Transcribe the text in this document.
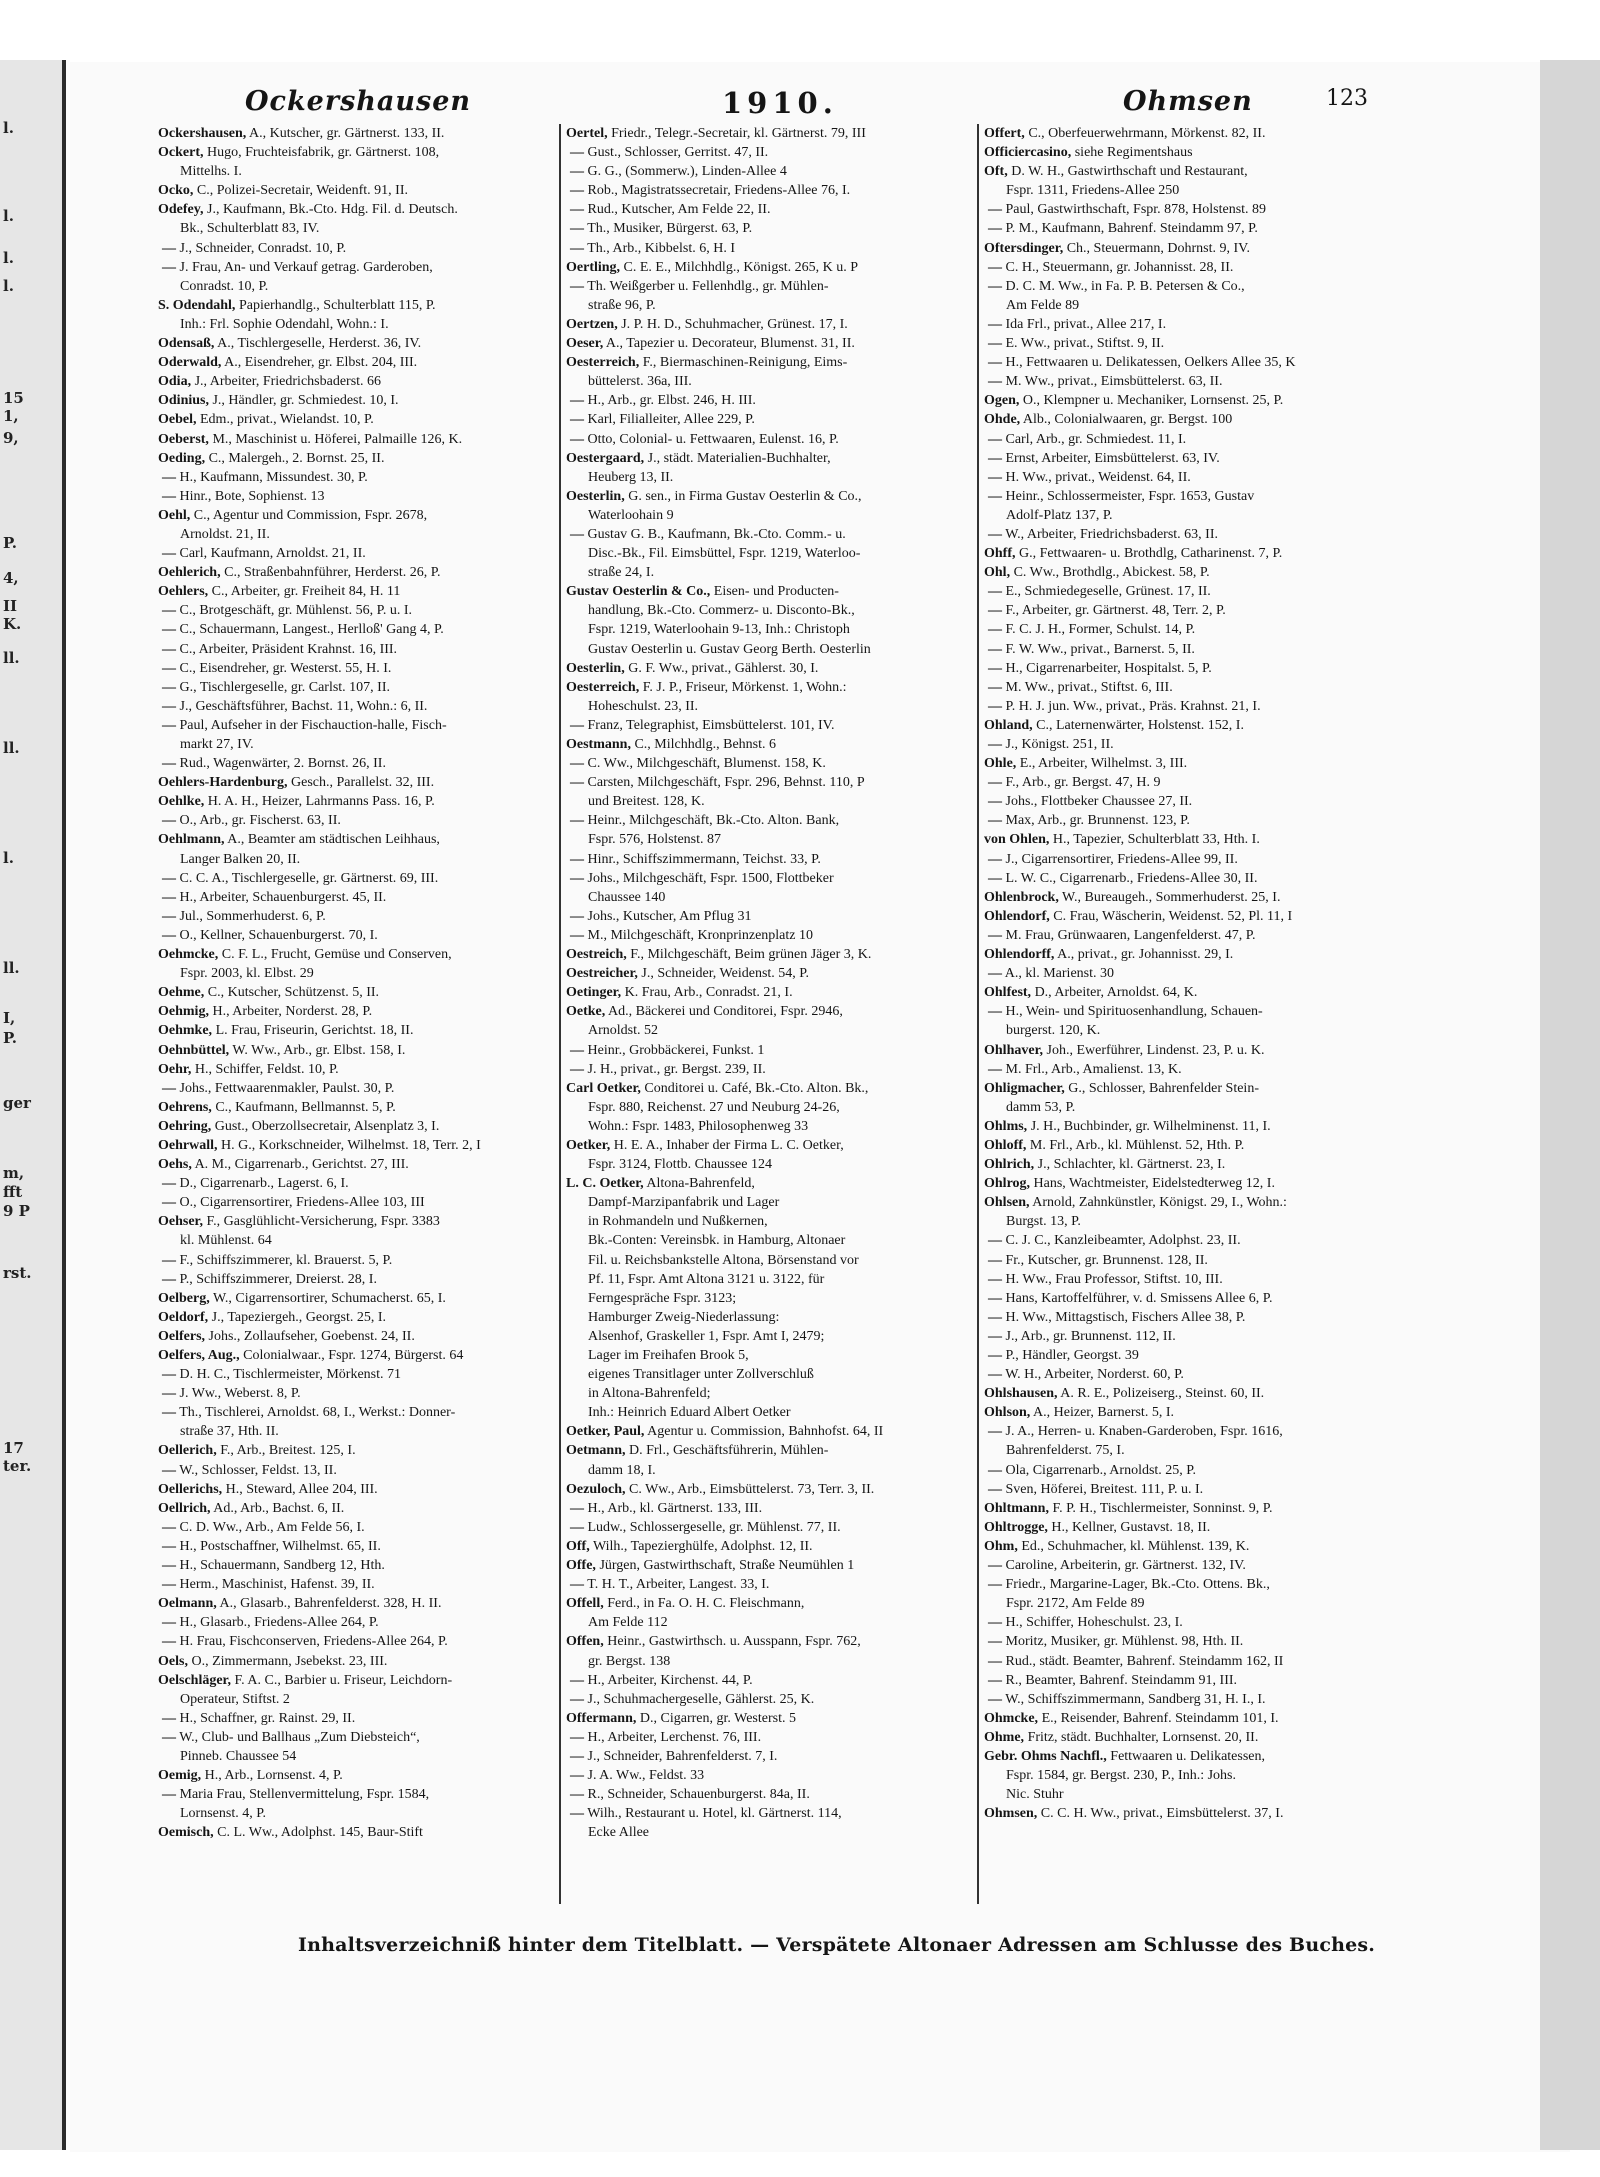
l.
l.
l.
l.
15
1,
9,
P.
4,
II
K.
ll.
ll.
l.
ll.
I,
P.
ger
m,
fft
9 P
rst.
17
ter.
Ockershausen	1910.	Ohmsen	123
Ockershausen, A., Kutscher, gr. Gärtnerst. 133, II.
Ockert, Hugo, Fruchteisfabrik, gr. Gärtnerst. 108,
Mittelhs. I.
Ocko, C., Polizei-Secretair, Weidenft. 91, II.
Odefey, J., Kaufmann, Bk.-Cto. Hdg. Fil. d. Deutsch.
Bk., Schulterblatt 83, IV.
— J., Schneider, Conradst. 10, P.
— J. Frau, An- und Verkauf getrag. Garderoben,
Conradst. 10, P.
S. Odendahl, Papierhandlg., Schulterblatt 115, P.
Inh.: Frl. Sophie Odendahl, Wohn.: I.
Odensaß, A., Tischlergeselle, Herderst. 36, IV.
Oderwald, A., Eisendreher, gr. Elbst. 204, III.
Odia, J., Arbeiter, Friedrichsbaderst. 66
Odinius, J., Händler, gr. Schmiedest. 10, I.
Oebel, Edm., privat., Wielandst. 10, P.
Oeberst, M., Maschinist u. Höferei, Palmaille 126, K.
Oeding, C., Malergeh., 2. Bornst. 25, II.
— H., Kaufmann, Missundest. 30, P.
— Hinr., Bote, Sophienst. 13
Oehl, C., Agentur und Commission, Fspr. 2678,
Arnoldst. 21, II.
— Carl, Kaufmann, Arnoldst. 21, II.
Oehlerich, C., Straßenbahnführer, Herderst. 26, P.
Oehlers, C., Arbeiter, gr. Freiheit 84, H. 11
— C., Brotgeschäft, gr. Mühlenst. 56, P. u. I.
— C., Schauermann, Langest., Herlloß' Gang 4, P.
— C., Arbeiter, Präsident Krahnst. 16, III.
— C., Eisendreher, gr. Westerst. 55, H. I.
— G., Tischlergeselle, gr. Carlst. 107, II.
— J., Geschäftsführer, Bachst. 11, Wohn.: 6, II.
— Paul, Aufseher in der Fischauction-halle, Fisch-
markt 27, IV.
— Rud., Wagenwärter, 2. Bornst. 26, II.
Oehlers-Hardenburg, Gesch., Parallelst. 32, III.
Oehlke, H. A. H., Heizer, Lahrmanns Pass. 16, P.
— O., Arb., gr. Fischerst. 63, II.
Oehlmann, A., Beamter am städtischen Leihhaus,
Langer Balken 20, II.
— C. C. A., Tischlergeselle, gr. Gärtnerst. 69, III.
— H., Arbeiter, Schauenburgerst. 45, II.
— Jul., Sommerhuderst. 6, P.
— O., Kellner, Schauenburgerst. 70, I.
Oehmcke, C. F. L., Frucht, Gemüse und Conserven,
Fspr. 2003, kl. Elbst. 29
Oehme, C., Kutscher, Schützenst. 5, II.
Oehmig, H., Arbeiter, Norderst. 28, P.
Oehmke, L. Frau, Friseurin, Gerichtst. 18, II.
Oehnbüttel, W. Ww., Arb., gr. Elbst. 158, I.
Oehr, H., Schiffer, Feldst. 10, P.
— Johs., Fettwaarenmakler, Paulst. 30, P.
Oehrens, C., Kaufmann, Bellmannst. 5, P.
Oehring, Gust., Oberzollsecretair, Alsenplatz 3, I.
Oehrwall, H. G., Korkschneider, Wilhelmst. 18, Terr. 2, I
Oehs, A. M., Cigarrenarb., Gerichtst. 27, III.
— D., Cigarrenarb., Lagerst. 6, I.
— O., Cigarrensortirer, Friedens-Allee 103, III
Oehser, F., Gasglühlicht-Versicherung, Fspr. 3383
kl. Mühlenst. 64
— F., Schiffszimmerer, kl. Brauerst. 5, P.
— P., Schiffszimmerer, Dreierst. 28, I.
Oelberg, W., Cigarrensortirer, Schumacherst. 65, I.
Oeldorf, J., Tapeziergeh., Georgst. 25, I.
Oelfers, Johs., Zollaufseher, Goebenst. 24, II.
Oelfers, Aug., Colonialwaar., Fspr. 1274, Bürgerst. 64
— D. H. C., Tischlermeister, Mörkenst. 71
— J. Ww., Weberst. 8, P.
— Th., Tischlerei, Arnoldst. 68, I., Werkst.: Donner-
straße 37, Hth. II.
Oellerich, F., Arb., Breitest. 125, I.
— W., Schlosser, Feldst. 13, II.
Oellerichs, H., Steward, Allee 204, III.
Oellrich, Ad., Arb., Bachst. 6, II.
— C. D. Ww., Arb., Am Felde 56, I.
— H., Postschaffner, Wilhelmst. 65, II.
— H., Schauermann, Sandberg 12, Hth.
— Herm., Maschinist, Hafenst. 39, II.
Oelmann, A., Glasarb., Bahrenfelderst. 328, H. II.
— H., Glasarb., Friedens-Allee 264, P.
— H. Frau, Fischconserven, Friedens-Allee 264, P.
Oels, O., Zimmermann, Jsebekst. 23, III.
Oelschläger, F. A. C., Barbier u. Friseur, Leichdorn-
Operateur, Stiftst. 2
— H., Schaffner, gr. Rainst. 29, II.
— W., Club- und Ballhaus „Zum Diebsteich“,
Pinneb. Chaussee 54
Oemig, H., Arb., Lornsenst. 4, P.
— Maria Frau, Stellenvermittelung, Fspr. 1584,
Lornsenst. 4, P.
Oemisch, C. L. Ww., Adolphst. 145, Baur-Stift
Oertel, Friedr., Telegr.-Secretair, kl. Gärtnerst. 79, III
— Gust., Schlosser, Gerritst. 47, II.
— G. G., (Sommerw.), Linden-Allee 4
— Rob., Magistratssecretair, Friedens-Allee 76, I.
— Rud., Kutscher, Am Felde 22, II.
— Th., Musiker, Bürgerst. 63, P.
— Th., Arb., Kibbelst. 6, H. I
Oertling, C. E. E., Milchhdlg., Königst. 265, K u. P
— Th. Weißgerber u. Fellenhdlg., gr. Mühlen-
straße 96, P.
Oertzen, J. P. H. D., Schuhmacher, Grünest. 17, I.
Oeser, A., Tapezier u. Decorateur, Blumenst. 31, II.
Oesterreich, F., Biermaschinen-Reinigung, Eims-
büttelerst. 36a, III.
— H., Arb., gr. Elbst. 246, H. III.
— Karl, Filialleiter, Allee 229, P.
— Otto, Colonial- u. Fettwaaren, Eulenst. 16, P.
Oestergaard, J., städt. Materialien-Buchhalter,
Heuberg 13, II.
Oesterlin, G. sen., in Firma Gustav Oesterlin & Co.,
Waterloohain 9
— Gustav G. B., Kaufmann, Bk.-Cto. Comm.- u.
Disc.-Bk., Fil. Eimsbüttel, Fspr. 1219, Waterloo-
straße 24, I.
Gustav Oesterlin & Co., Eisen- und Producten-
handlung, Bk.-Cto. Commerz- u. Disconto-Bk.,
Fspr. 1219, Waterloohain 9-13, Inh.: Christoph
Gustav Oesterlin u. Gustav Georg Berth. Oesterlin
Oesterlin, G. F. Ww., privat., Gählerst. 30, I.
Oesterreich, F. J. P., Friseur, Mörkenst. 1, Wohn.:
Hoheschulst. 23, II.
— Franz, Telegraphist, Eimsbüttelerst. 101, IV.
Oestmann, C., Milchhdlg., Behnst. 6
— C. Ww., Milchgeschäft, Blumenst. 158, K.
— Carsten, Milchgeschäft, Fspr. 296, Behnst. 110, P
und Breitest. 128, K.
— Heinr., Milchgeschäft, Bk.-Cto. Alton. Bank,
Fspr. 576, Holstenst. 87
— Hinr., Schiffszimmermann, Teichst. 33, P.
— Johs., Milchgeschäft, Fspr. 1500, Flottbeker
Chaussee 140
— Johs., Kutscher, Am Pflug 31
— M., Milchgeschäft, Kronprinzenplatz 10
Oestreich, F., Milchgeschäft, Beim grünen Jäger 3, K.
Oestreicher, J., Schneider, Weidenst. 54, P.
Oetinger, K. Frau, Arb., Conradst. 21, I.
Oetke, Ad., Bäckerei und Conditorei, Fspr. 2946,
Arnoldst. 52
— Heinr., Grobbäckerei, Funkst. 1
— J. H., privat., gr. Bergst. 239, II.
Carl Oetker, Conditorei u. Café, Bk.-Cto. Alton. Bk.,
Fspr. 880, Reichenst. 27 und Neuburg 24-26,
Wohn.: Fspr. 1483, Philosophenweg 33
Oetker, H. E. A., Inhaber der Firma L. C. Oetker,
Fspr. 3124, Flottb. Chaussee 124
L. C. Oetker, Altona-Bahrenfeld,
Dampf-Marzipanfabrik und Lager
in Rohmandeln und Nußkernen,
Bk.-Conten: Vereinsbk. in Hamburg, Altonaer
Fil. u. Reichsbankstelle Altona, Börsenstand vor
Pf. 11, Fspr. Amt Altona 3121 u. 3122, für
Ferngespräche Fspr. 3123;
Hamburger Zweig-Niederlassung:
Alsenhof, Graskeller 1, Fspr. Amt I, 2479;
Lager im Freihafen Brook 5,
eigenes Transitlager unter Zollverschluß
in Altona-Bahrenfeld;
Inh.: Heinrich Eduard Albert Oetker
Oetker, Paul, Agentur u. Commission, Bahnhofst. 64, II
Oetmann, D. Frl., Geschäftsführerin, Mühlen-
damm 18, I.
Oezuloch, C. Ww., Arb., Eimsbüttelerst. 73, Terr. 3, II.
— H., Arb., kl. Gärtnerst. 133, III.
— Ludw., Schlossergeselle, gr. Mühlenst. 77, II.
Off, Wilh., Tapezierghülfe, Adolphst. 12, II.
Offe, Jürgen, Gastwirthschaft, Straße Neumühlen 1
— T. H. T., Arbeiter, Langest. 33, I.
Offell, Ferd., in Fa. O. H. C. Fleischmann,
Am Felde 112
Offen, Heinr., Gastwirthsch. u. Ausspann, Fspr. 762,
gr. Bergst. 138
— H., Arbeiter, Kirchenst. 44, P.
— J., Schuhmachergeselle, Gählerst. 25, K.
Offermann, D., Cigarren, gr. Westerst. 5
— H., Arbeiter, Lerchenst. 76, III.
— J., Schneider, Bahrenfelderst. 7, I.
— J. A. Ww., Feldst. 33
— R., Schneider, Schauenburgerst. 84a, II.
— Wilh., Restaurant u. Hotel, kl. Gärtnerst. 114,
Ecke Allee
Offert, C., Oberfeuerwehrmann, Mörkenst. 82, II.
Officiercasino, siehe Regimentshaus
Oft, D. W. H., Gastwirthschaft und Restaurant,
Fspr. 1311, Friedens-Allee 250
— Paul, Gastwirthschaft, Fspr. 878, Holstenst. 89
— P. M., Kaufmann, Bahrenf. Steindamm 97, P.
Oftersdinger, Ch., Steuermann, Dohrnst. 9, IV.
— C. H., Steuermann, gr. Johannisst. 28, II.
— D. C. M. Ww., in Fa. P. B. Petersen & Co.,
Am Felde 89
— Ida Frl., privat., Allee 217, I.
— E. Ww., privat., Stiftst. 9, II.
— H., Fettwaaren u. Delikatessen, Oelkers Allee 35, K
— M. Ww., privat., Eimsbüttelerst. 63, II.
Ogen, O., Klempner u. Mechaniker, Lornsenst. 25, P.
Ohde, Alb., Colonialwaaren, gr. Bergst. 100
— Carl, Arb., gr. Schmiedest. 11, I.
— Ernst, Arbeiter, Eimsbüttelerst. 63, IV.
— H. Ww., privat., Weidenst. 64, II.
— Heinr., Schlossermeister, Fspr. 1653, Gustav
Adolf-Platz 137, P.
— W., Arbeiter, Friedrichsbaderst. 63, II.
Ohff, G., Fettwaaren- u. Brothdlg, Catharinenst. 7, P.
Ohl, C. Ww., Brothdlg., Abickest. 58, P.
— E., Schmiedegeselle, Grünest. 17, II.
— F., Arbeiter, gr. Gärtnerst. 48, Terr. 2, P.
— F. C. J. H., Former, Schulst. 14, P.
— F. W. Ww., privat., Barnerst. 5, II.
— H., Cigarrenarbeiter, Hospitalst. 5, P.
— M. Ww., privat., Stiftst. 6, III.
— P. H. J. jun. Ww., privat., Präs. Krahnst. 21, I.
Ohland, C., Laternenwärter, Holstenst. 152, I.
— J., Königst. 251, II.
Ohle, E., Arbeiter, Wilhelmst. 3, III.
— F., Arb., gr. Bergst. 47, H. 9
— Johs., Flottbeker Chaussee 27, II.
— Max, Arb., gr. Brunnenst. 123, P.
von Ohlen, H., Tapezier, Schulterblatt 33, Hth. I.
— J., Cigarrensortirer, Friedens-Allee 99, II.
— L. W. C., Cigarrenarb., Friedens-Allee 30, II.
Ohlenbrock, W., Bureaugeh., Sommerhuderst. 25, I.
Ohlendorf, C. Frau, Wäscherin, Weidenst. 52, Pl. 11, I
— M. Frau, Grünwaaren, Langenfelderst. 47, P.
Ohlendorff, A., privat., gr. Johannisst. 29, I.
— A., kl. Marienst. 30
Ohlfest, D., Arbeiter, Arnoldst. 64, K.
— H., Wein- und Spirituosenhandlung, Schauen-
burgerst. 120, K.
Ohlhaver, Joh., Ewerführer, Lindenst. 23, P. u. K.
— M. Frl., Arb., Amalienst. 13, K.
Ohligmacher, G., Schlosser, Bahrenfelder Stein-
damm 53, P.
Ohlms, J. H., Buchbinder, gr. Wilhelminenst. 11, I.
Ohloff, M. Frl., Arb., kl. Mühlenst. 52, Hth. P.
Ohlrich, J., Schlachter, kl. Gärtnerst. 23, I.
Ohlrog, Hans, Wachtmeister, Eidelstedterweg 12, I.
Ohlsen, Arnold, Zahnkünstler, Königst. 29, I., Wohn.:
Burgst. 13, P.
— C. J. C., Kanzleibeamter, Adolphst. 23, II.
— Fr., Kutscher, gr. Brunnenst. 128, II.
— H. Ww., Frau Professor, Stiftst. 10, III.
— Hans, Kartoffelführer, v. d. Smissens Allee 6, P.
— H. Ww., Mittagstisch, Fischers Allee 38, P.
— J., Arb., gr. Brunnenst. 112, II.
— P., Händler, Georgst. 39
— W. H., Arbeiter, Norderst. 60, P.
Ohlshausen, A. R. E., Polizeiserg., Steinst. 60, II.
Ohlson, A., Heizer, Barnerst. 5, I.
— J. A., Herren- u. Knaben-Garderoben, Fspr. 1616,
Bahrenfelderst. 75, I.
— Ola, Cigarrenarb., Arnoldst. 25, P.
— Sven, Höferei, Breitest. 111, P. u. I.
Ohltmann, F. P. H., Tischlermeister, Sonninst. 9, P.
Ohltrogge, H., Kellner, Gustavst. 18, II.
Ohm, Ed., Schuhmacher, kl. Mühlenst. 139, K.
— Caroline, Arbeiterin, gr. Gärtnerst. 132, IV.
— Friedr., Margarine-Lager, Bk.-Cto. Ottens. Bk.,
Fspr. 2172, Am Felde 89
— H., Schiffer, Hoheschulst. 23, I.
— Moritz, Musiker, gr. Mühlenst. 98, Hth. II.
— Rud., städt. Beamter, Bahrenf. Steindamm 162, II
— R., Beamter, Bahrenf. Steindamm 91, III.
— W., Schiffszimmermann, Sandberg 31, H. I., I.
Ohmcke, E., Reisender, Bahrenf. Steindamm 101, I.
Ohme, Fritz, städt. Buchhalter, Lornsenst. 20, II.
Gebr. Ohms Nachfl., Fettwaaren u. Delikatessen,
Fspr. 1584, gr. Bergst. 230, P., Inh.: Johs.
Nic. Stuhr
Ohmsen, C. C. H. Ww., privat., Eimsbüttelerst. 37, I.
Inhaltsverzeichniß hinter dem Titelblatt. — Verspätete Altonaer Adressen am Schlusse des Buches.
